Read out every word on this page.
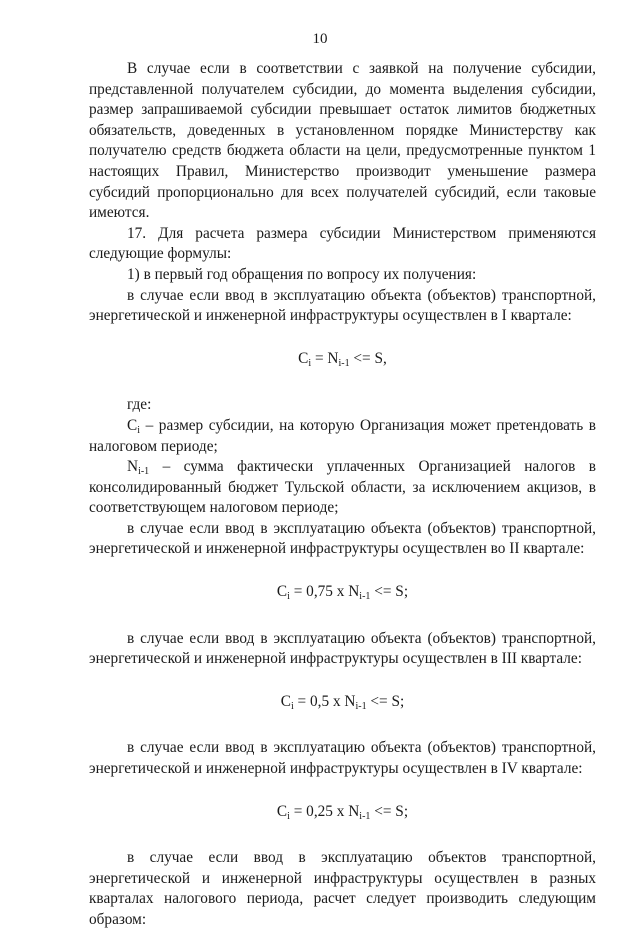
10

В случае если в соответствии с заявкой на получение субсидии, представленной получателем субсидии, до момента выделения субсидии, размер запрашиваемой субсидии превышает остаток лимитов бюджетных обязательств, доведенных в установленном порядке Министерству как получателю средств бюджета области на цели, предусмотренные пунктом 1 настоящих Правил, Министерство производит уменьшение размера субсидий пропорционально для всех получателей субсидий, если таковые имеются.

17. Для расчета размера субсидии Министерством применяются следующие формулы:

1) в первый год обращения по вопросу их получения:

в случае если ввод в эксплуатацию объекта (объектов) транспортной, энергетической и инженерной инфраструктуры осуществлен в I квартале:

$C_i = N_{i-1} <= S$,

где:

$C_i$ – размер субсидии, на которую Организация может претендовать в налоговом периоде;

$N_{i-1}$ – сумма фактически уплаченных Организацией налогов в консолидированный бюджет Тульской области, за исключением акцизов, в соответствующем налоговом периоде;

в случае если ввод в эксплуатацию объекта (объектов) транспортной, энергетической и инженерной инфраструктуры осуществлен во II квартале:

$C_i = 0,75$ x $N_{i-1} <= S$;

в случае если ввод в эксплуатацию объекта (объектов) транспортной, энергетической и инженерной инфраструктуры осуществлен в III квартале:

$C_i = 0,5$ x $N_{i-1} <= S$;

в случае если ввод в эксплуатацию объекта (объектов) транспортной, энергетической и инженерной инфраструктуры осуществлен в IV квартале:

$C_i = 0,25$ x $N_{i-1} <= S$;

в случае если ввод в эксплуатацию объектов транспортной, энергетической и инженерной инфраструктуры осуществлен в разных кварталах налогового периода, расчет следует производить следующим образом:
